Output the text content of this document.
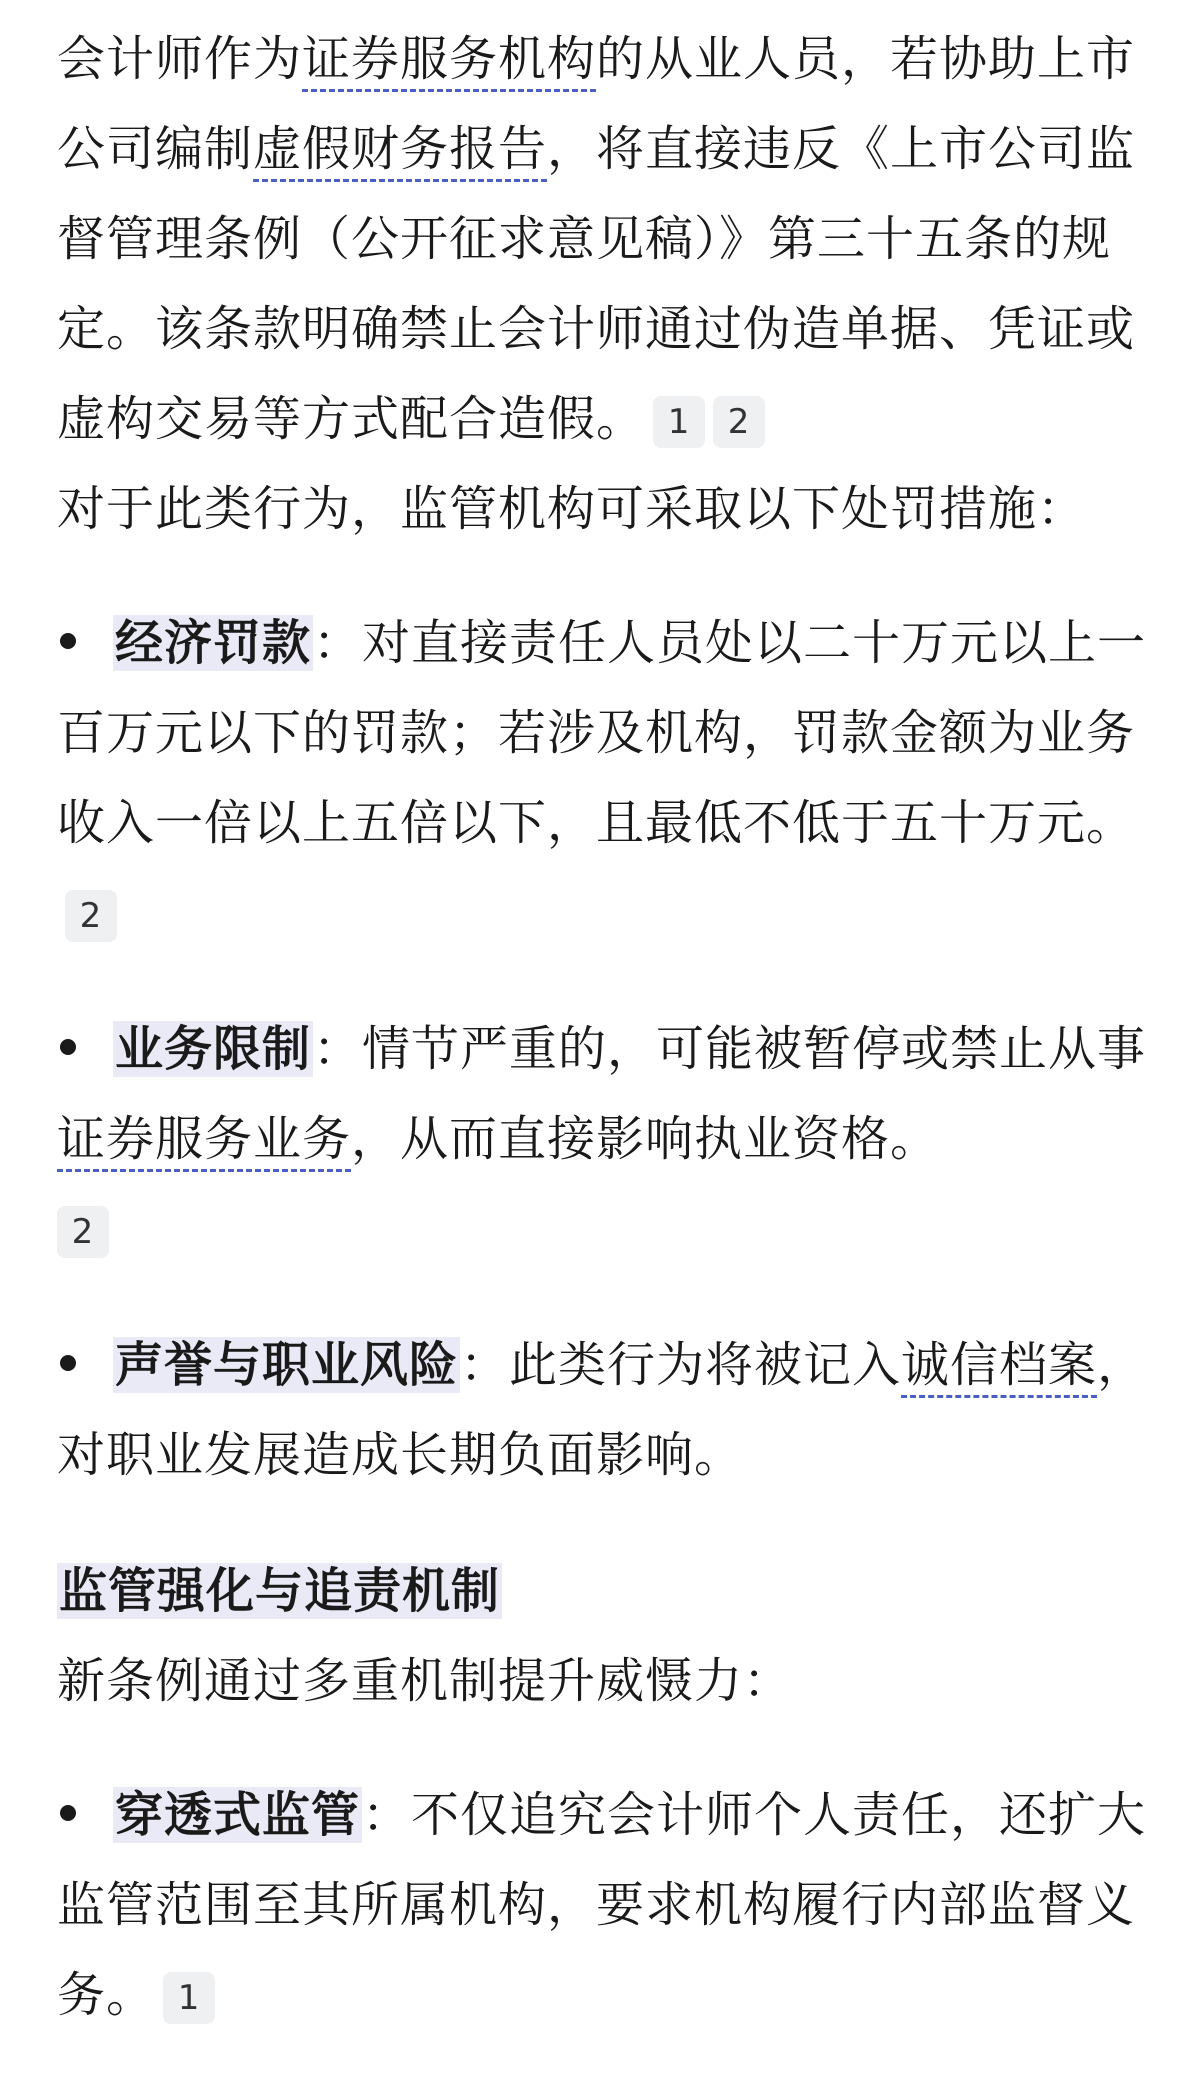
会计师作为证券服务机构的从业人员，若协助上市公司编制虚假财务报告，将直接违反《上市公司监督管理条例（公开征求意见稿）》第三十五条的规定。该条款明确禁止会计师通过伪造单据、凭证或虚构交易等方式配合造假。 1 2

对于此类行为，监管机构可采取以下处罚措施：

经济罚款：对直接责任人员处以二十万元以上一百万元以下的罚款；若涉及机构，罚款金额为业务收入一倍以上五倍以下，且最低不低于五十万元。2
业务限制：情节严重的，可能被暂停或禁止从事证券服务业务，从而直接影响执业资格。
2
声誉与职业风险：此类行为将被记入诚信档案，对职业发展造成长期负面影响。

监管强化与追责机制

新条例通过多重机制提升威慑力：

穿透式监管：不仅追究会计师个人责任，还扩大监管范围至其所属机构，要求机构履行内部监督义务。 1
